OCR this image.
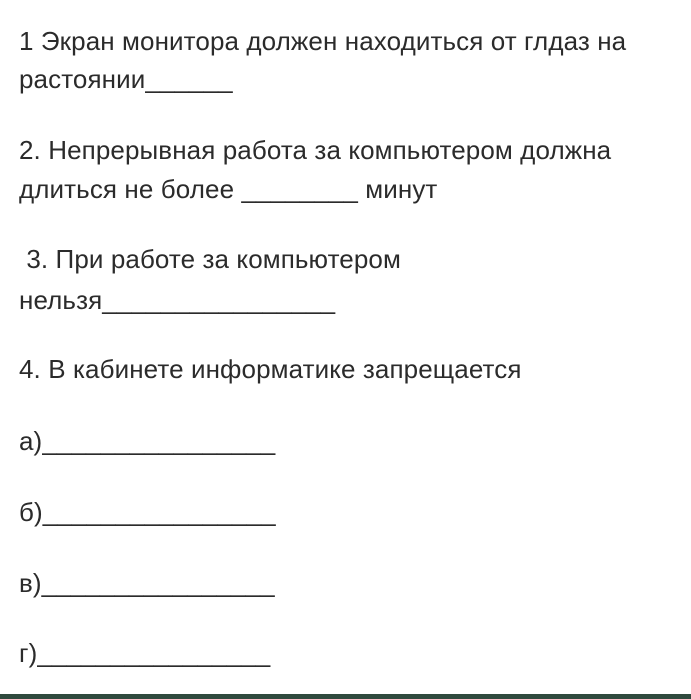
1 Экран монитора должен находиться от глдаз на
растоянии______
2. Непрерывная работа за компьютером должна
длиться не более ________ минут
3. При работе за компьютером
нельзя________________
4. В кабинете информатике запрещается
а)________________
б)________________
в)________________
г)________________
